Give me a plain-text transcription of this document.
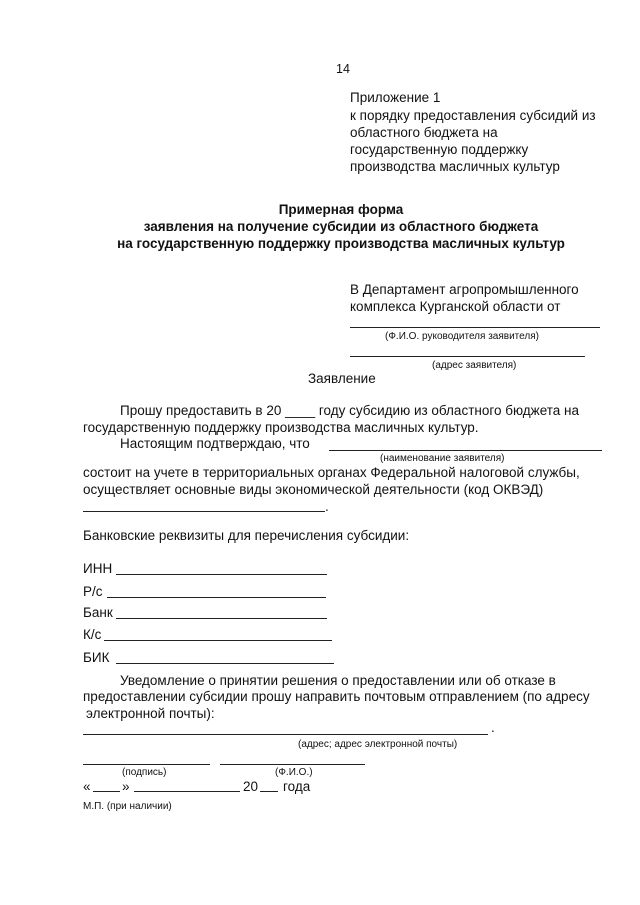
14
Приложение 1
к порядку предоставления субсидий из
областного бюджета на
государственную поддержку
производства масличных культур
Примерная форма
заявления на получение субсидии из областного бюджета
на государственную поддержку производства масличных культур
В Департамент агропромышленного
комплекса Курганской области от
(Ф.И.О. руководителя заявителя)
(адрес заявителя)
Заявление
Прошу предоставить в 20 ____ году субсидию из областного бюджета на
государственную поддержку производства масличных культур.
Настоящим подтверждаю, что
(наименование заявителя)
состоит на учете в территориальных органах Федеральной налоговой службы,
осуществляет основные виды экономической деятельности (код ОКВЭД)
.
Банковские реквизиты для перечисления субсидии:
ИНН
Р/с
Банк
К/с
БИК
Уведомление о принятии решения о предоставлении или об отказе в
предоставлении субсидии прошу направить почтовым отправлением (по адресу
электронной почты):
.
(адрес; адрес электронной почты)
(подпись)	(Ф.И.О.)
« »	20 года
М.П. (при наличии)
